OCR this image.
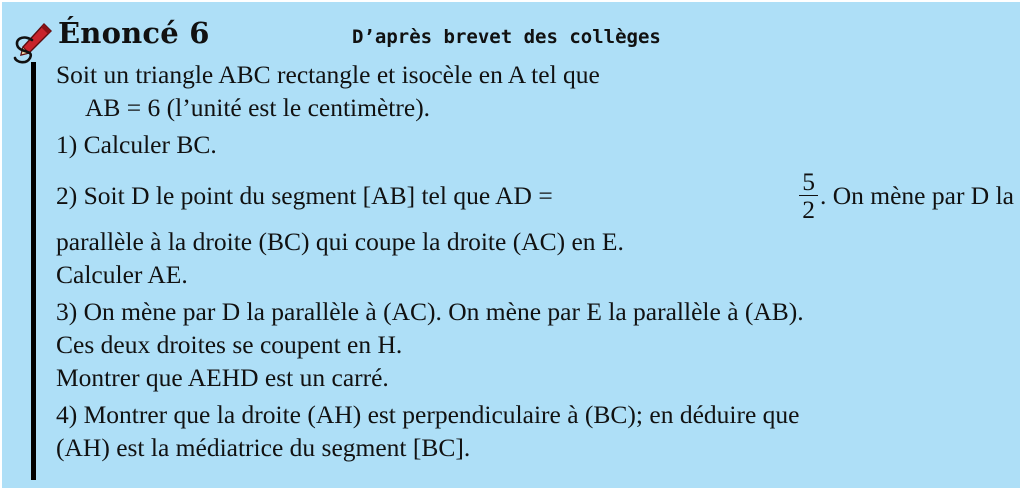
Énoncé 6	D’après brevet des collèges
Soit un triangle ABC rectangle et isocèle en A tel que
AB = 6 (l’unité est le centimètre).
1) Calculer BC.
2) Soit D le point du segment [AB] tel que AD =	$\frac{5}{2}$ . On mène par D la
parallèle à la droite (BC) qui coupe la droite (AC) en E.
Calculer AE.
3) On mène par D la parallèle à (AC). On mène par E la parallèle à (AB).
Ces deux droites se coupent en H.
Montrer que AEHD est un carré.
4) Montrer que la droite (AH) est perpendiculaire à (BC); en déduire que
(AH) est la médiatrice du segment [BC].
